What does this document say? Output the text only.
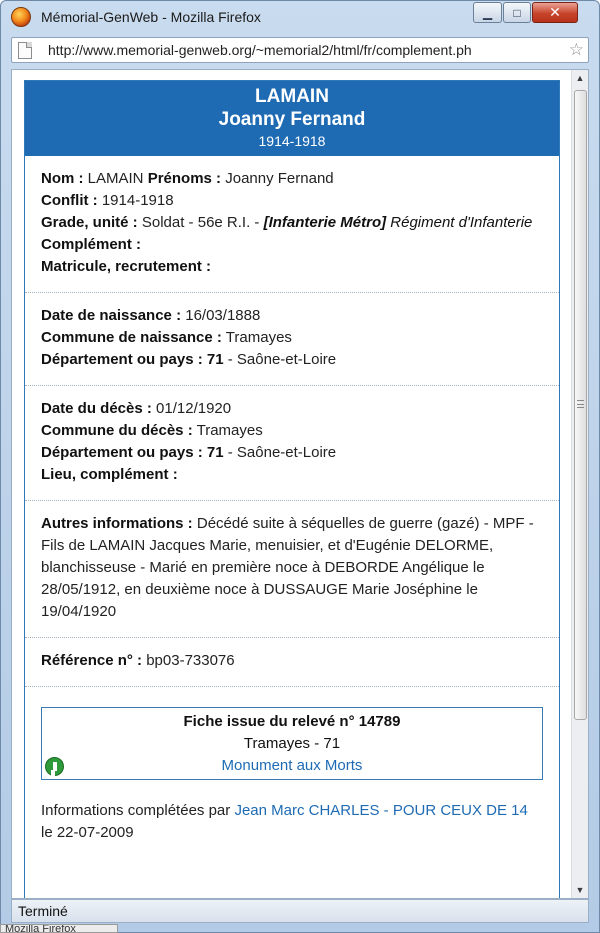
Mémorial-GenWeb - Mozilla Firefox	▁	□	✕
http://www.memorial-genweb.org/~memorial2/html/fr/complement.ph	☆
LAMAIN
Joanny Fernand
1914-1918
Nom : LAMAIN Prénoms : Joanny Fernand
Conflit : 1914-1918
Grade, unité : Soldat - 56e R.I. - [Infanterie Métro] Régiment d'Infanterie
Complément :
Matricule, recrutement :
Date de naissance : 16/03/1888
Commune de naissance : Tramayes
Département ou pays : 71 - Saône-et-Loire
Date du décès : 01/12/1920
Commune du décès : Tramayes
Département ou pays : 71 - Saône-et-Loire
Lieu, complément :
Autres informations : Décédé suite à séquelles de guerre (gazé) - MPF - Fils de LAMAIN Jacques Marie, menuisier, et d'Eugénie DELORME, blanchisseuse - Marié en première noce à DEBORDE Angélique le 28/05/1912, en deuxième noce à DUSSAUGE Marie Joséphine le 19/04/1920
Référence n° : bp03-733076
Fiche issue du relevé n° 14789
Tramayes - 71
Monument aux Morts
Informations complétées par Jean Marc CHARLES - POUR CEUX DE 14 le 22-07-2009
▲
▼
Terminé
Mozilla Firefox
